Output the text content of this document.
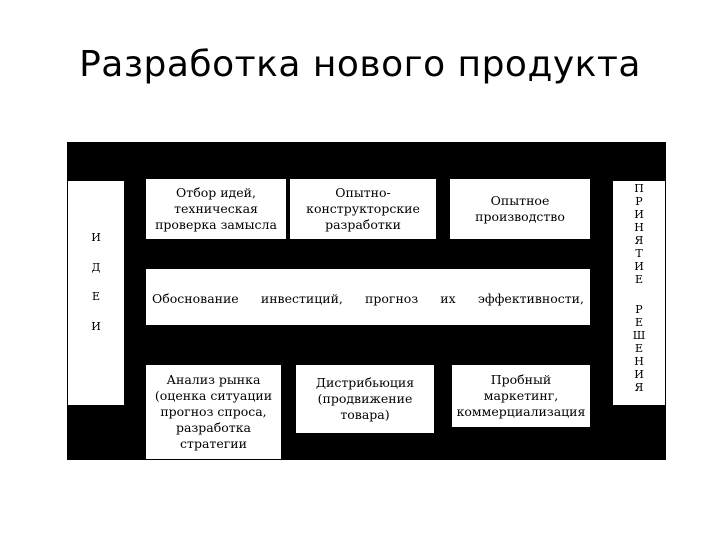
Разработка нового продукта
И
Д
Е
И
П
Р
И
Н
Я
Т
И
Е
Р
Е
Ш
Е
Н
И
Я
Отбор идей,
техническая
проверка замысла
Опытно-
конструкторские
разработки
Опытное
производство

Обоснование инвестиций, прогноз их эффективности,

калькуляция расходов, расчеты себестоимости, цены и прибыли

Анализ рынка
(оценка ситуации
прогноз спроса,
разработка
стратегии
Дистрибьюция
(продвижение
товара)
Пробный
маркетинг,
коммерциализация
